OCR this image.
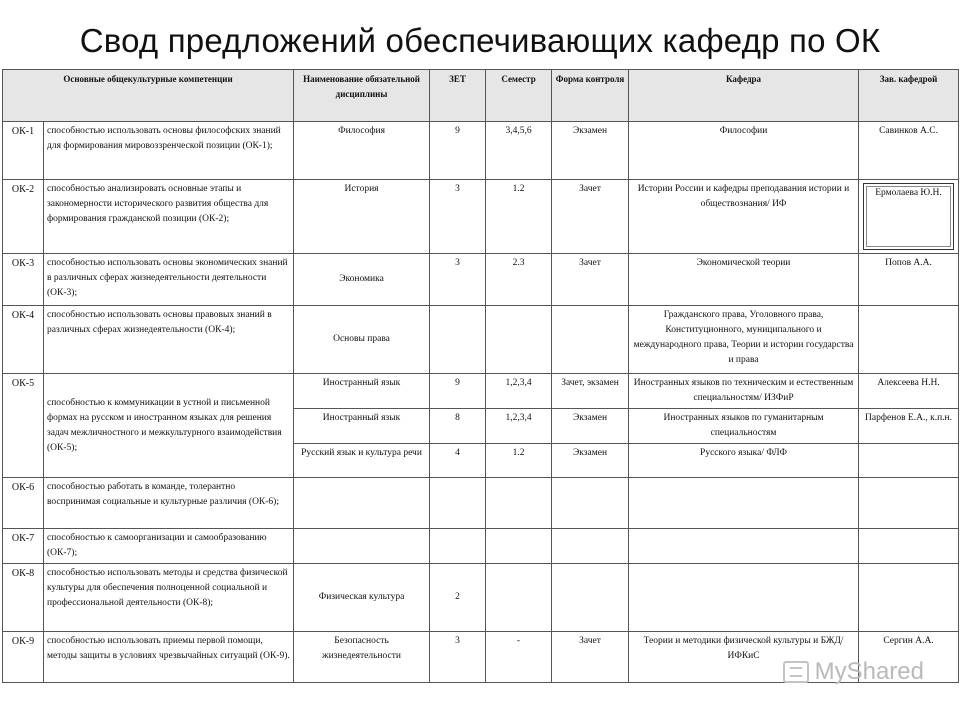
Свод предложений обеспечивающих кафедр по ОК
Основные общекультурные компетенции		Наименование обязательной дисциплины	ЗЕТ	Семестр	Форма контроля	Кафедра	Зав. кафедрой
ОК-1	способностью использовать основы философских знаний для формирования мировоззренческой позиции (ОК-1);	Философия	9	3,4,5,6	Экзамен	Философии	Савинков А.С.
ОК-2	способностью анализировать основные этапы и закономерности исторического развития общества для формирования гражданской позиции (ОК-2);	История	3	1.2	Зачет	Истории России и кафедры преподавания истории и обществознания/ ИФ	Ермолаева Ю.Н.

ОК-3	способностью использовать основы экономических знаний в различных сферах жизнедеятельности деятельности (ОК-3);	Экономика	3	2.3	Зачет	Экономической теории	Попов А.А.
ОК-4	способностью использовать основы правовых знаний в различных сферах жизнедеятельности (ОК-4);	Основы права				Гражданского права, Уголовного права, Конституционного, муниципального и международного права, Теории и истории государства и права	
ОК-5	способностью к коммуникации в устной и письменной формах на русском и иностранном языках для решения задач межличностного и межкультурного взаимодействия (ОК-5);	Иностранный язык	9	1,2,3,4	Зачет, экзамен	Иностранных языков по техническим и естественным специальностям/ ИЗФиР	Алексеева Н.Н.
		Иностранный язык	8	1,2,3,4	Экзамен	Иностранных языков по гуманитарным специальностям	Парфенов Е.А., к.п.н.
		Русский язык и культура речи	4	1.2	Экзамен	Русского языка/ ФЛФ	
ОК-6	способностью работать в команде, толерантно воспринимая социальные и культурные различия (ОК-6);						
ОК-7	способностью к самоорганизации и самообразованию (ОК-7);						
ОК-8	способностью использовать методы и средства физической культуры для обеспечения полноценной социальной и профессиональной деятельности (ОК-8);	Физическая культура	2				
ОК-9	способностью использовать приемы первой помощи, методы защиты в условиях чрезвычайных ситуаций (ОК-9).	Безопасность жизнедеятельности	3	-	Зачет	Теории и методики физической культуры и БЖД/ ИФКиС	Сергин А.А.
MyShared
